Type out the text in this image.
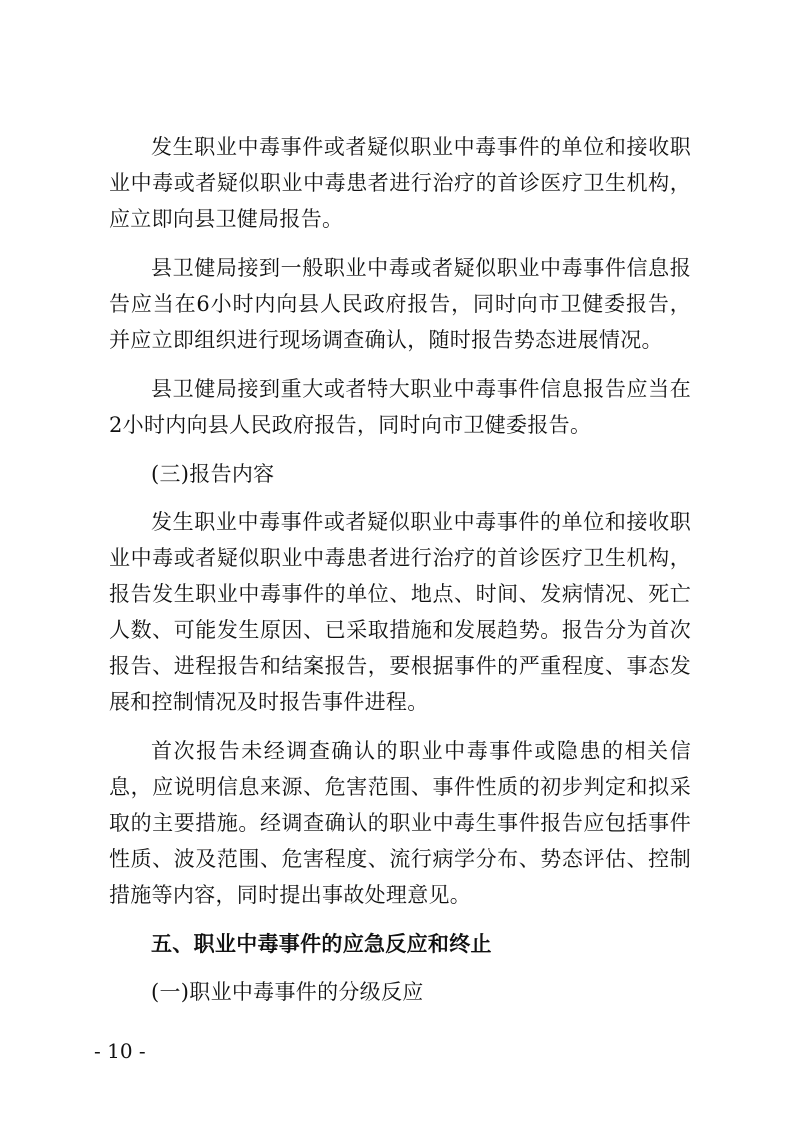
发生职业中毒事件或者疑似职业中毒事件的单位和接收职业中毒或者疑似职业中毒患者进行治疗的首诊医疗卫生机构，应立即向县卫健局报告。

县卫健局接到一般职业中毒或者疑似职业中毒事件信息报告应当在6小时内向县人民政府报告，同时向市卫健委报告，并应立即组织进行现场调查确认，随时报告势态进展情况。

县卫健局接到重大或者特大职业中毒事件信息报告应当在2小时内向县人民政府报告，同时向市卫健委报告。

(三)报告内容

发生职业中毒事件或者疑似职业中毒事件的单位和接收职业中毒或者疑似职业中毒患者进行治疗的首诊医疗卫生机构，报告发生职业中毒事件的单位、地点、时间、发病情况、死亡人数、可能发生原因、已采取措施和发展趋势。报告分为首次报告、进程报告和结案报告，要根据事件的严重程度、事态发展和控制情况及时报告事件进程。

首次报告未经调查确认的职业中毒事件或隐患的相关信息，应说明信息来源、危害范围、事件性质的初步判定和拟采取的主要措施。经调查确认的职业中毒生事件报告应包括事件性质、波及范围、危害程度、流行病学分布、势态评估、控制措施等内容，同时提出事故处理意见。

五、职业中毒事件的应急反应和终止

(一)职业中毒事件的分级反应

- 10 -
